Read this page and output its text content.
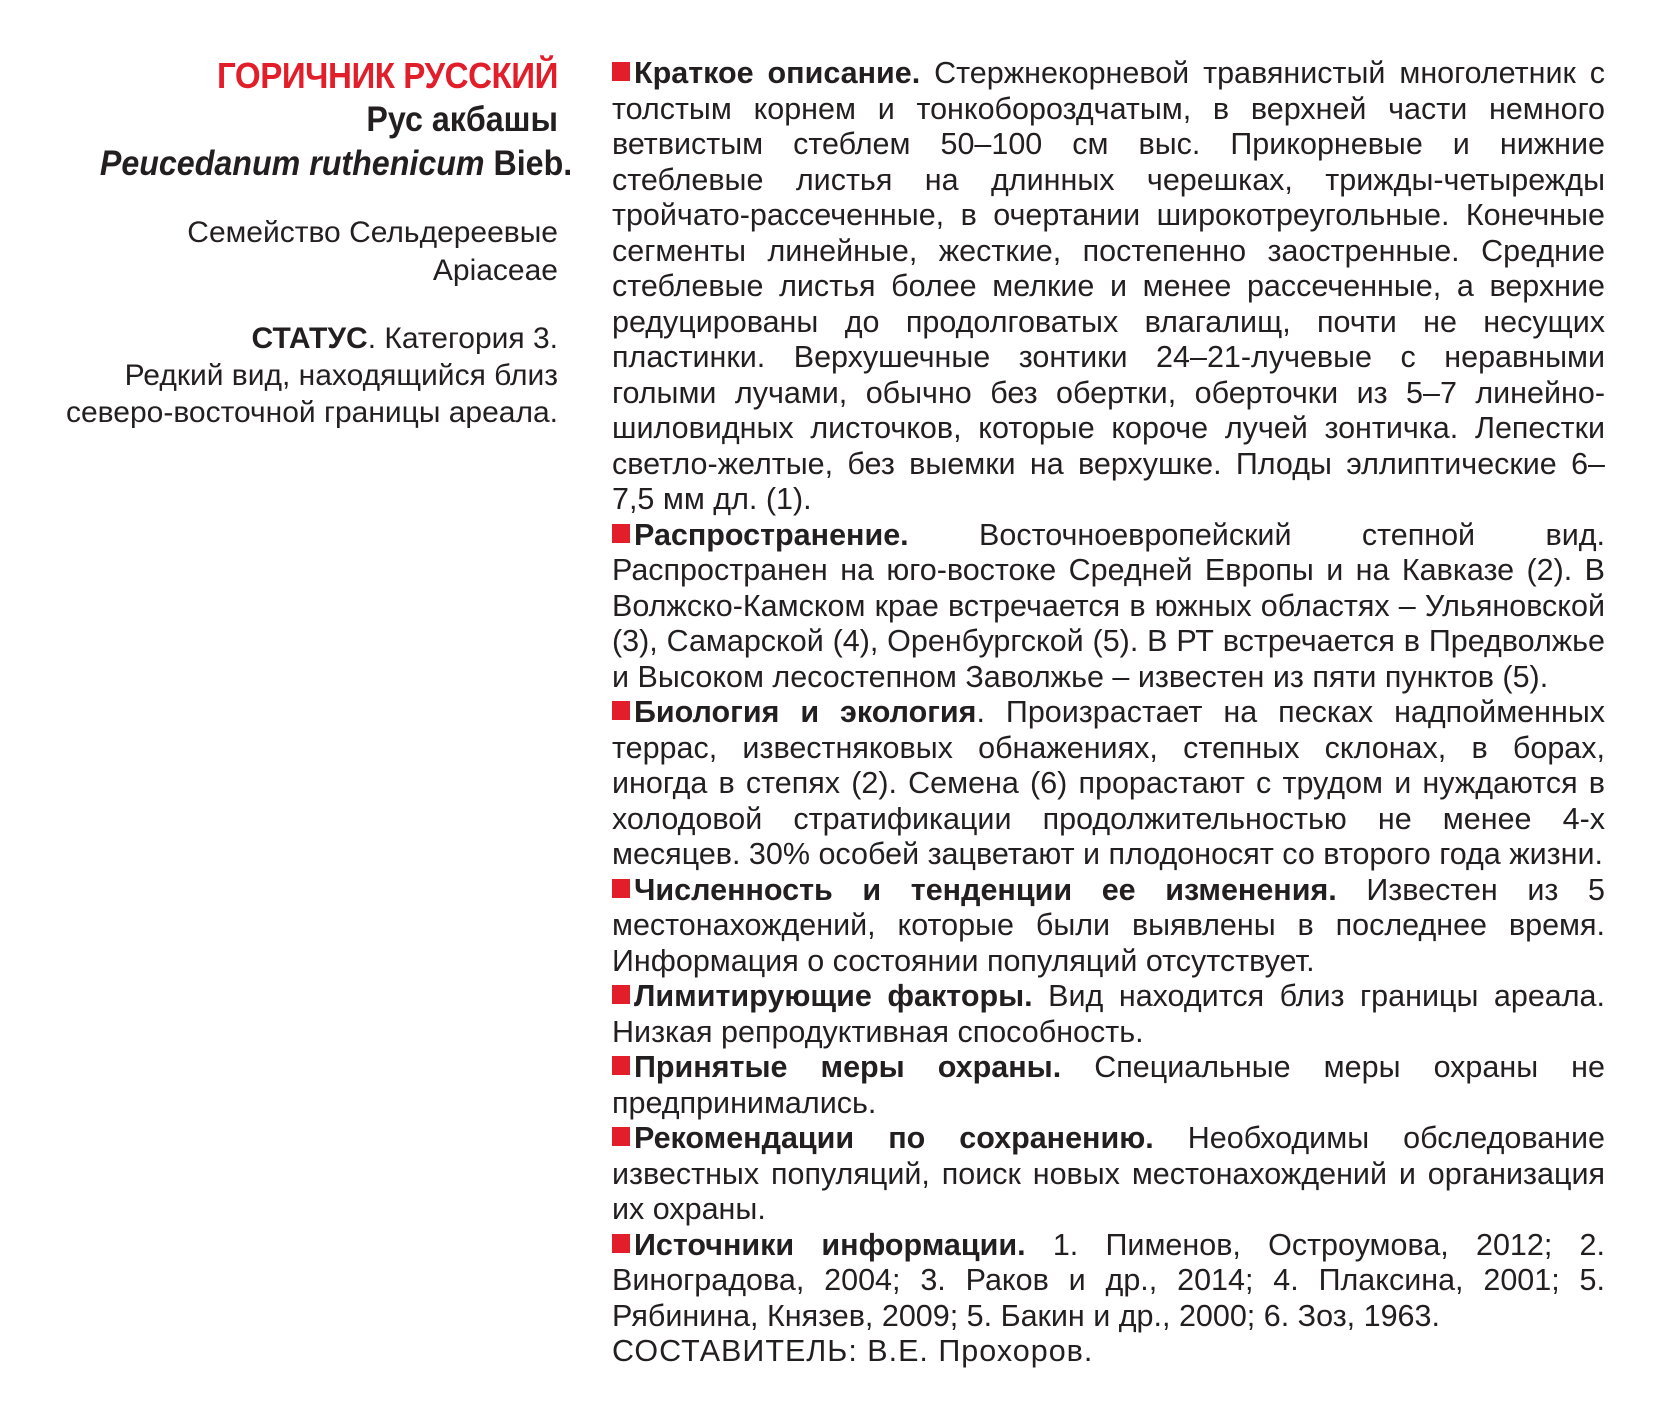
ГОРИЧНИК РУССКИЙ
Рус акбашы
Peucedanum ruthenicum Bieb.
Семейство Сельдереевые
Apiaceae
СТАТУС. Категория 3.
Редкий вид, находящийся близ северо-восточной границы ареала.

Краткое описание. Стержнекорневой травянистый многолетник с толстым корнем и тонкобороздчатым, в верхней части немного ветвистым стеблем 50–100 см выс. Прикорневые и нижние стеблевые листья на длинных черешках, трижды-четырежды тройчато-рассеченные, в очертании широкотреугольные. Конечные сегменты линейные, жесткие, постепенно заостренные. Средние стеблевые листья более мелкие и менее рассеченные, а верхние редуцированы до продолговатых влагалищ, почти не несущих пластинки. Верхушечные зонтики 24–21-лучевые с неравными голыми лучами, обычно без обертки, оберточки из 5–7 линейно-шиловидных листочков, которые короче лучей зонтичка. Лепестки светло-желтые, без выемки на верхушке. Плоды эллиптические 6–7,5 мм дл. (1).

Распространение. Восточноевропейский степной вид. Распространен на юго-востоке Средней Европы и на Кавказе (2). В Волжско-Камском крае встречается в южных областях – Ульяновской (3), Самарской (4), Оренбургской (5). В РТ встречается в Предволжье и Высоком лесостепном Заволжье – известен из пяти пунктов (5).

Биология и экология. Произрастает на песках надпойменных террас, известняковых обнажениях, степных склонах, в борах, иногда в степях (2). Семена (6) прорастают с трудом и нуждаются в холодовой стратификации продолжительностью не менее 4-х месяцев. 30% особей зацветают и плодоносят со второго года жизни.

Численность и тенденции ее изменения. Известен из 5 местонахождений, которые были выявлены в последнее время. Информация о состоянии популяций отсутствует.

Лимитирующие факторы. Вид находится близ границы ареала. Низкая репродуктивная способность.

Принятые меры охраны. Специальные меры охраны не предпринимались.

Рекомендации по сохранению. Необходимы обследование известных популяций, поиск новых местонахождений и организация их охраны.

Источники информации. 1. Пименов, Остроумова, 2012; 2. Виноградова, 2004; 3. Раков и др., 2014; 4. Плаксина, 2001; 5. Рябинина, Князев, 2009; 5. Бакин и др., 2000; 6. Зоз, 1963.

СОСТАВИТЕЛЬ: В.Е. Прохоров.
